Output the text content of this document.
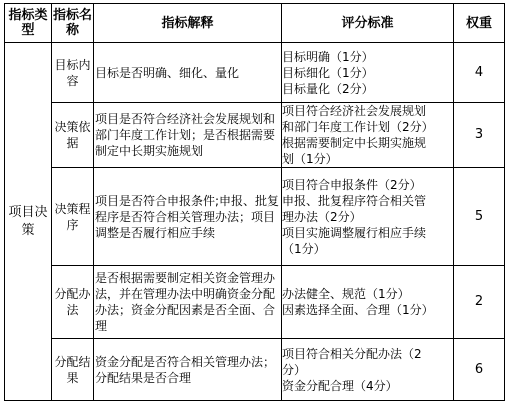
指标类型	指标名称	指标解释	评分标准	权重
项目决策	目标内容	目标是否明确、细化、量化	目标明确（1分）
目标细化（1分）
目标量化（2分）	4
	决策依据	项目是否符合经济社会发展规划和部门年度工作计划；是否根据需要制定中长期实施规划	项目符合经济社会发展规划
和部门年度工作计划（2分）
根据需要制定中长期实施规
划（1分）	3
	决策程序	项目是否符合申报条件;申报、批复程序是否符合相关管理办法；项目调整是否履行相应手续	项目符合申报条件（2分）
申报、批复程序符合相关管
理办法（2分）
项目实施调整履行相应手续
（1分）	5
	分配办法	是否根据需要制定相关资金管理办法，并在管理办法中明确资金分配办法；资金分配因素是否全面、合理	办法健全、规范（1分）
因素选择全面、合理（1分）	2
	分配结果	资金分配是否符合相关管理办法；分配结果是否合理	项目符合相关分配办法（2
分）
资金分配合理（4分）	6
